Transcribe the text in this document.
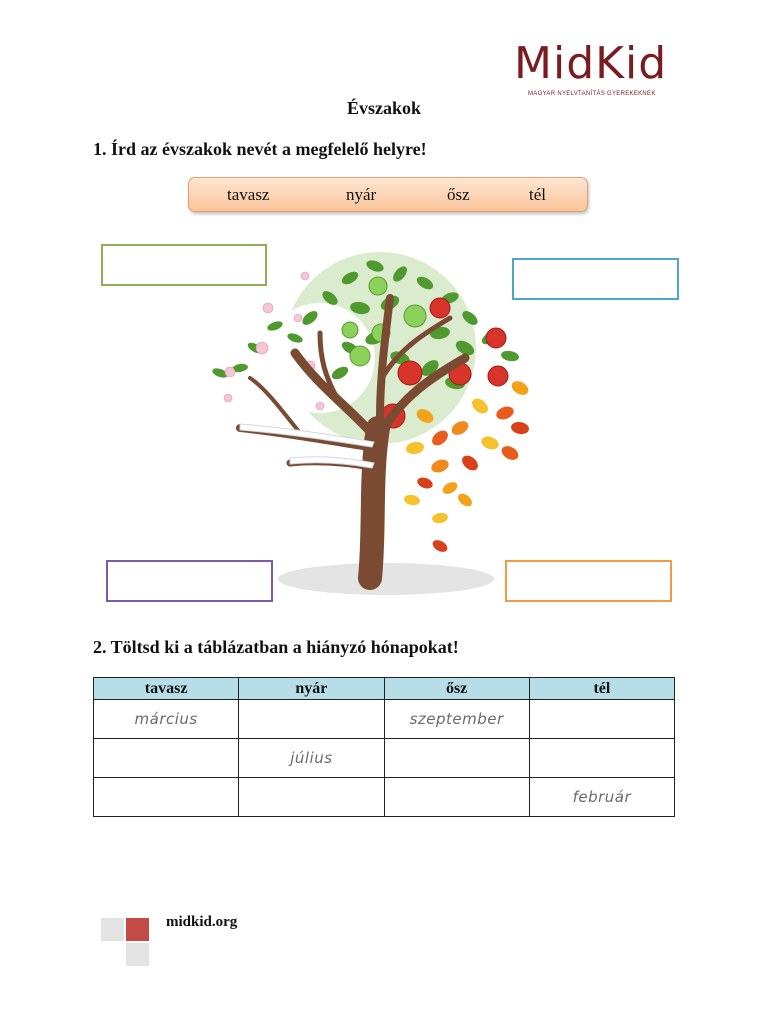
MidKid
MAGYAR NYELVTANÍTÁS GYEREKEKNEK
Évszakok
1. Írd az évszakok nevét a megfelelő helyre!
tavasz	nyár	ősz	tél
2. Töltsd ki a táblázatban a hiányzó hónapokat!
tavasz	nyár	ősz	tél
március		szeptember	
	július		
			február
midkid.org
